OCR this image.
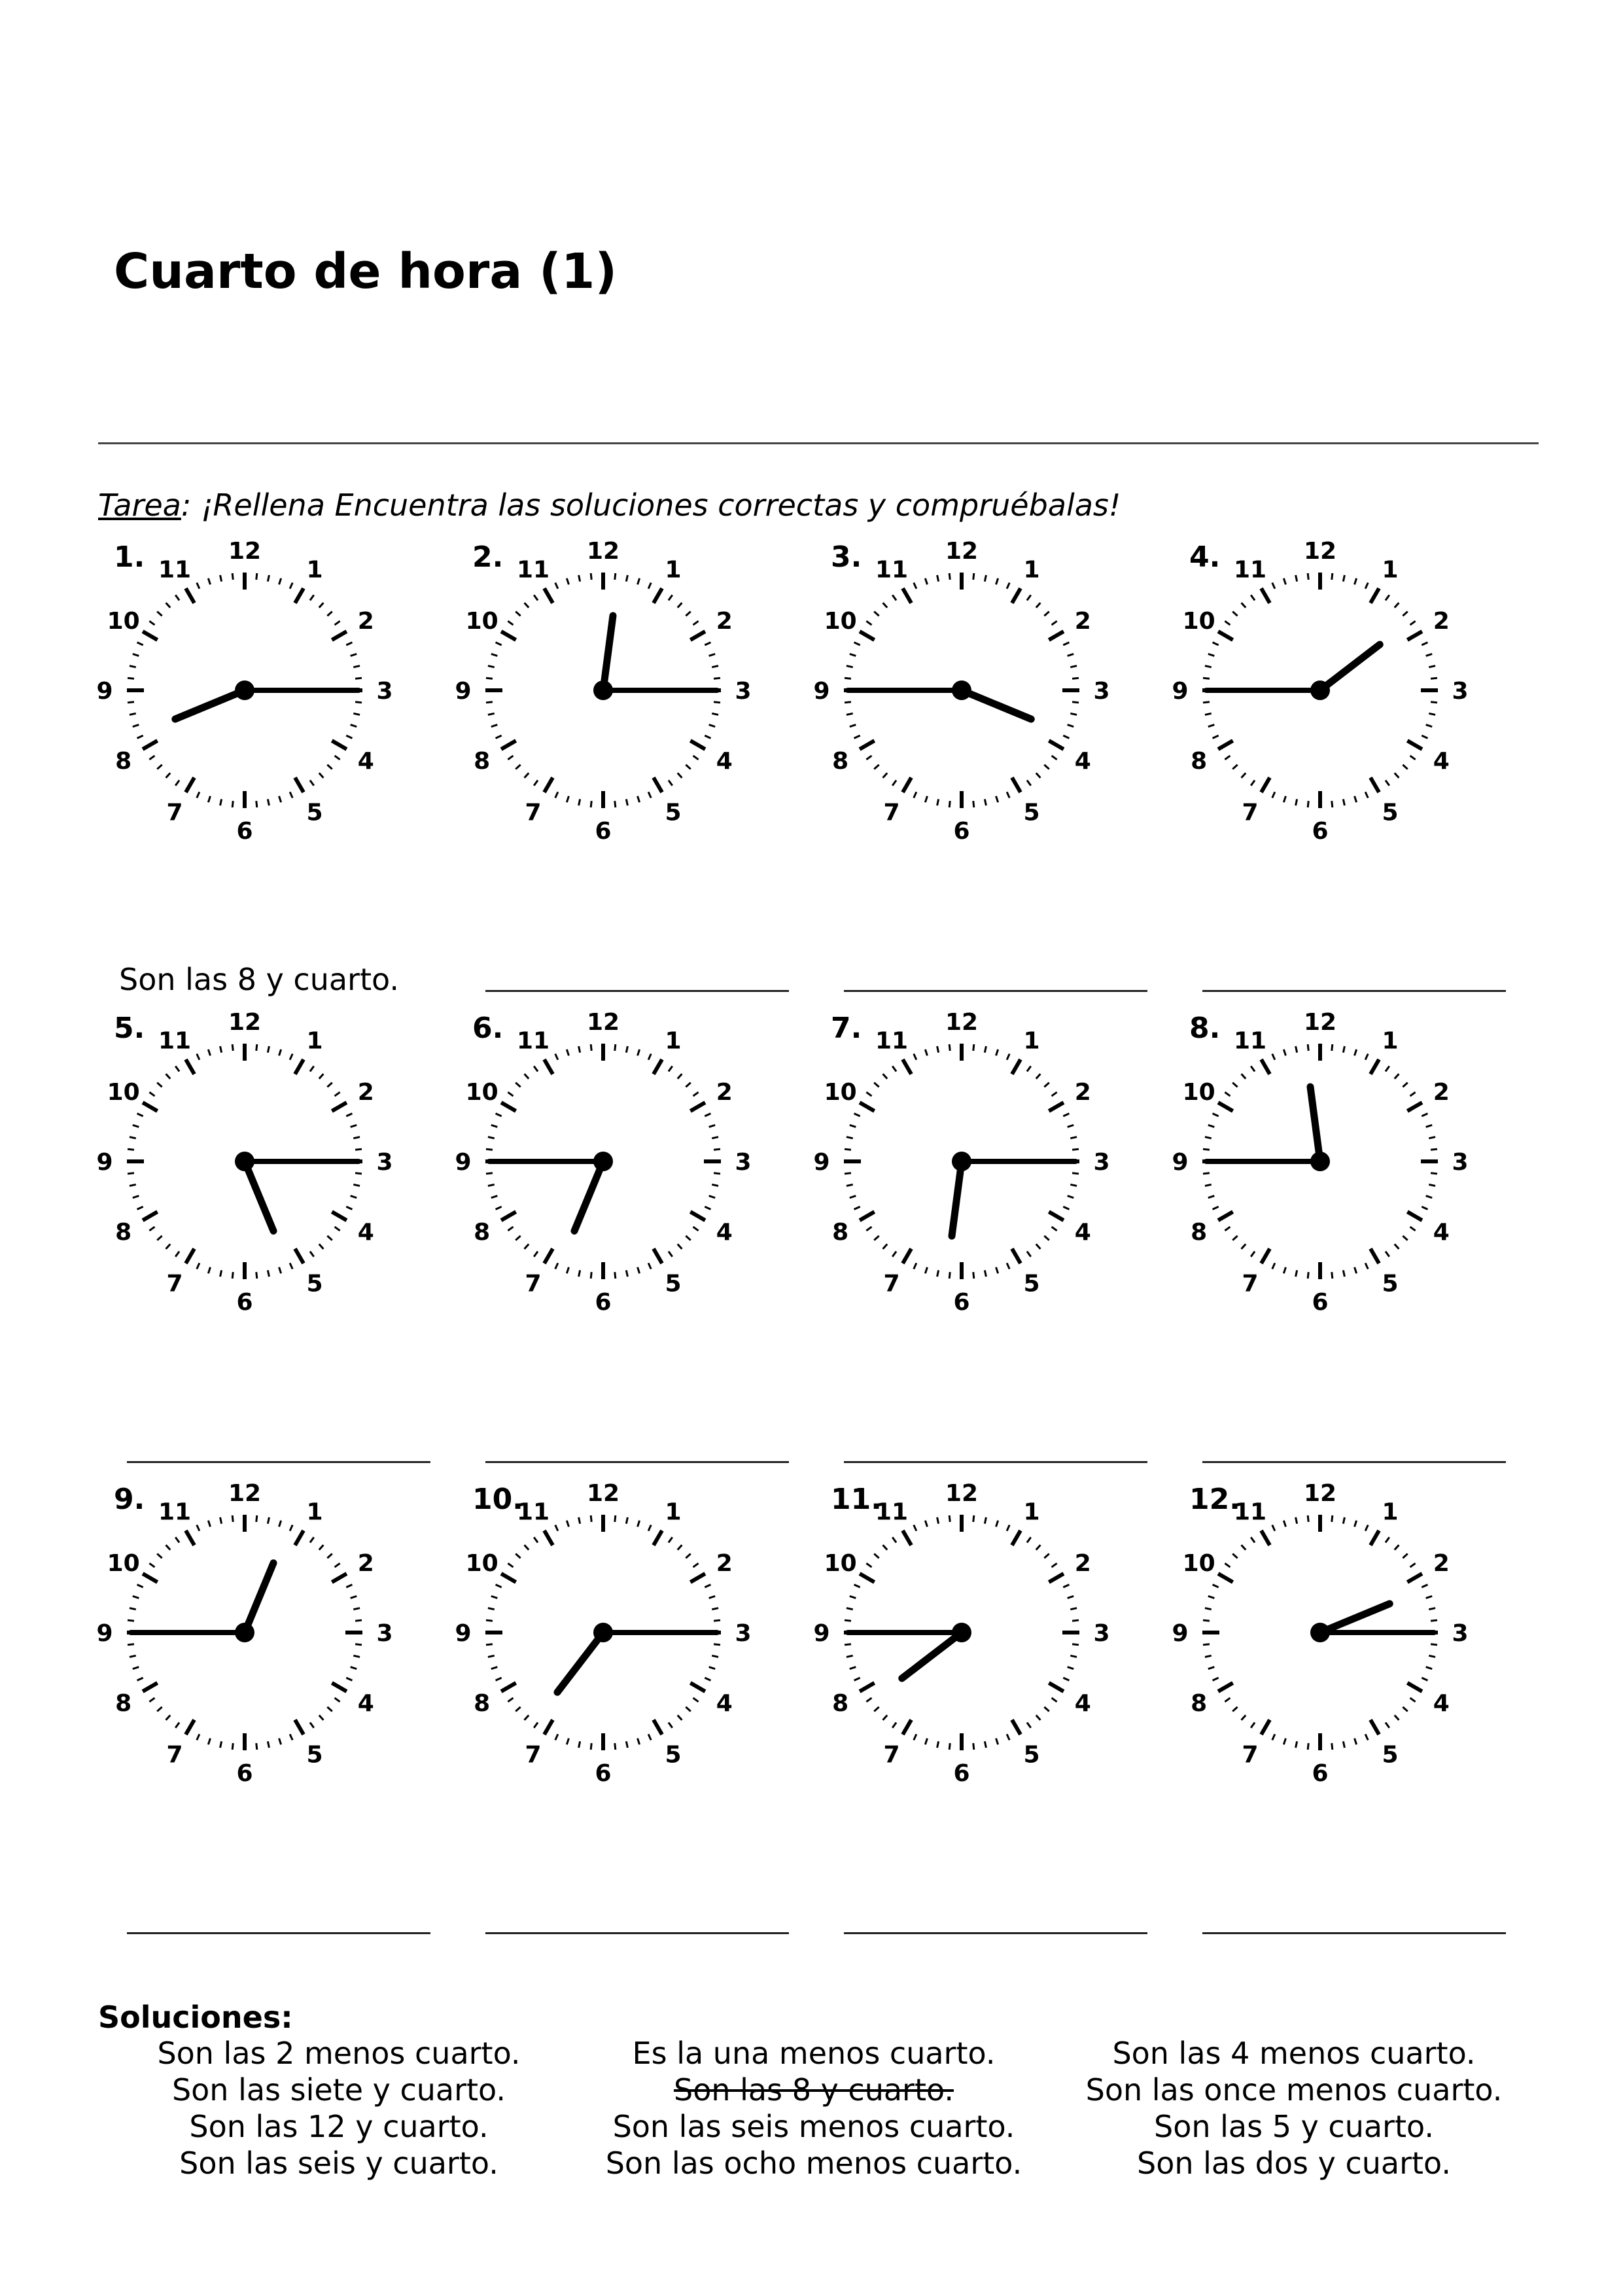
Cuarto de hora (1)
Tarea: ¡Rellena Encuentra las soluciones correctas y compruébalas!
1.	12
1
2
3
4
5
6
7
8
9
10
11
Son las 8 y cuarto.
2.	12
1
2
3
4
5
6
7
8
9
10
11	3.	12
1
2
3
4
5
6
7
8
9
10
11	4.	12
1
2
3
4
5
6
7
8
9
10
11
5.	12
1
2
3
4
5
6
7
8
9
10
11	6.	12
1
2
3
4
5
6
7
8
9
10
11	7.	12
1
2
3
4
5
6
7
8
9
10
11	8.	12
1
2
3
4
5
6
7
8
9
10
11
9.	12
1
2
3
4
5
6
7
8
9
10
11	10.	12
1
2
3
4
5
6
7
8
9
10
11	11.	12
1
2
3
4
5
6
7
8
9
10
11	12.	12
1
2
3
4
5
6
7
8
9
10
11
Soluciones:
Son las 2 menos cuarto.
Son las siete y cuarto.
Son las 12 y cuarto.
Son las seis y cuarto.
Es la una menos cuarto.
Son las 8 y cuarto.
Son las seis menos cuarto.
Son las ocho menos cuarto.
Son las 4 menos cuarto.
Son las once menos cuarto.
Son las 5 y cuarto.
Son las dos y cuarto.
